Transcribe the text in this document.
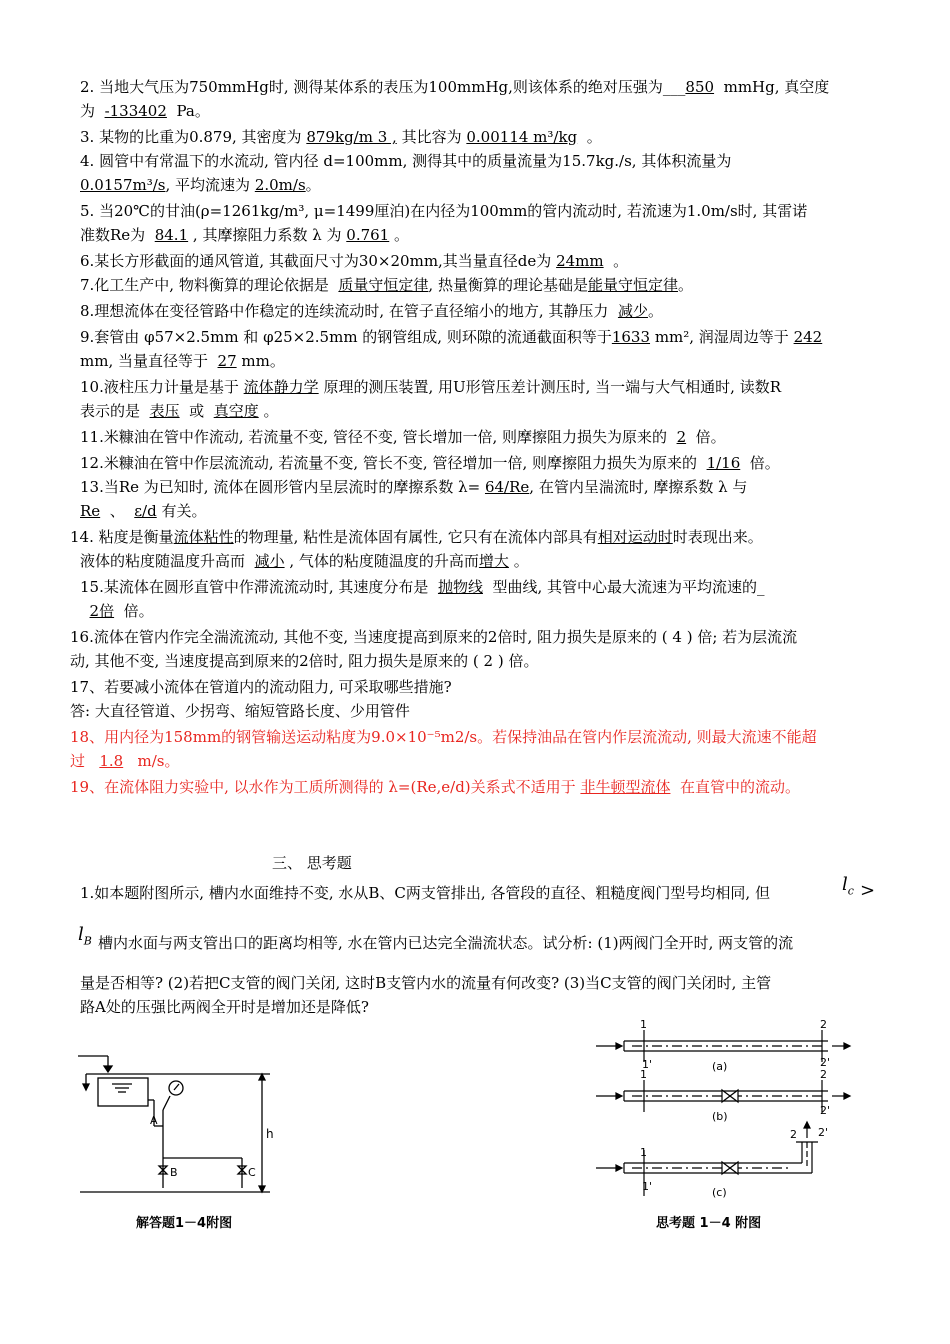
2. 当地大气压为750mmHg时, 测得某体系的表压为100mmHg,则该体系的绝对压强为___850 mmHg, 真空度
为 -133402 Pa。
3. 某物的比重为0.879, 其密度为 879kg/m 3 , 其比容为 0.00114 m³/kg 。
4. 圆管中有常温下的水流动, 管内径 d=100mm, 测得其中的质量流量为15.7kg./s, 其体积流量为
0.0157m³/s, 平均流速为 2.0m/s。
5. 当20℃的甘油(ρ=1261kg/m³, μ=1499厘泊)在内径为100mm的管内流动时, 若流速为1.0m/s时, 其雷诺
准数Re为 84.1 , 其摩擦阻力系数 λ 为 0.761 。
6.某长方形截面的通风管道, 其截面尺寸为30×20mm,其当量直径de为 24mm 。
7.化工生产中, 物料衡算的理论依据是 质量守恒定律, 热量衡算的理论基础是能量守恒定律。
8.理想流体在变径管路中作稳定的连续流动时, 在管子直径缩小的地方, 其静压力 减少。
9.套管由 φ57×2.5mm 和 φ25×2.5mm 的钢管组成, 则环隙的流通截面积等于1633 mm², 润湿周边等于 242
mm, 当量直径等于 27 mm。
10.液柱压力计量是基于 流体静力学 原理的测压装置, 用U形管压差计测压时, 当一端与大气相通时, 读数R
表示的是 表压 或 真空度 。
11.米糠油在管中作流动, 若流量不变, 管径不变, 管长增加一倍, 则摩擦阻力损失为原来的 2 倍。
12.米糠油在管中作层流流动, 若流量不变, 管长不变, 管径增加一倍, 则摩擦阻力损失为原来的 1/16 倍。
13.当Re 为已知时, 流体在圆形管内呈层流时的摩擦系数 λ= 64/Re, 在管内呈湍流时, 摩擦系数 λ 与
Re 、 ε/d 有关。
14. 粘度是衡量流体粘性的物理量, 粘性是流体固有属性, 它只有在流体内部具有相对运动时时表现出来。
液体的粘度随温度升高而 减小 , 气体的粘度随温度的升高而增大 。
15.某流体在圆形直管中作滞流流动时, 其速度分布是 抛物线 型曲线, 其管中心最大流速为平均流速的_
2倍 倍。
16.流体在管内作完全湍流流动, 其他不变, 当速度提高到原来的2倍时, 阻力损失是原来的 ( 4 ) 倍; 若为层流流
动, 其他不变, 当速度提高到原来的2倍时, 阻力损失是原来的 ( 2 ) 倍。
17、若要减小流体在管道内的流动阻力, 可采取哪些措施?
答: 大直径管道、少拐弯、缩短管路长度、少用管件
18、用内径为158mm的钢管输送运动粘度为9.0×10⁻⁵m2/s。若保持油品在管内作层流流动, 则最大流速不能超
过 1.8 m/s。
19、在流体阻力实验中, 以水作为工质所测得的 λ=(Re,e/d)关系式不适用于 非牛顿型流体 在直管中的流动。
三、 思考题
1.如本题附图所示, 槽内水面维持不变, 水从B、C两支管排出, 各管段的直径、粗糙度阀门型号均相同, 但	$l_c$ >
$l_B$ 槽内水面与两支管出口的距离均相等, 水在管内已达完全湍流状态。试分析: (1)两阀门全开时, 两支管的流
量是否相等? (2)若把C支管的阀门关闭, 这时B支管内水的流量有何改变? (3)当C支管的阀门关闭时, 主管
路A处的压强比两阀全开时是增加还是降低?
A
B	C
h
解答题1－4附图
1
1'
2
2'
(a)
1	2
2'
(b)
1
1'
2 2'
(c)
思考题 1－4 附图
